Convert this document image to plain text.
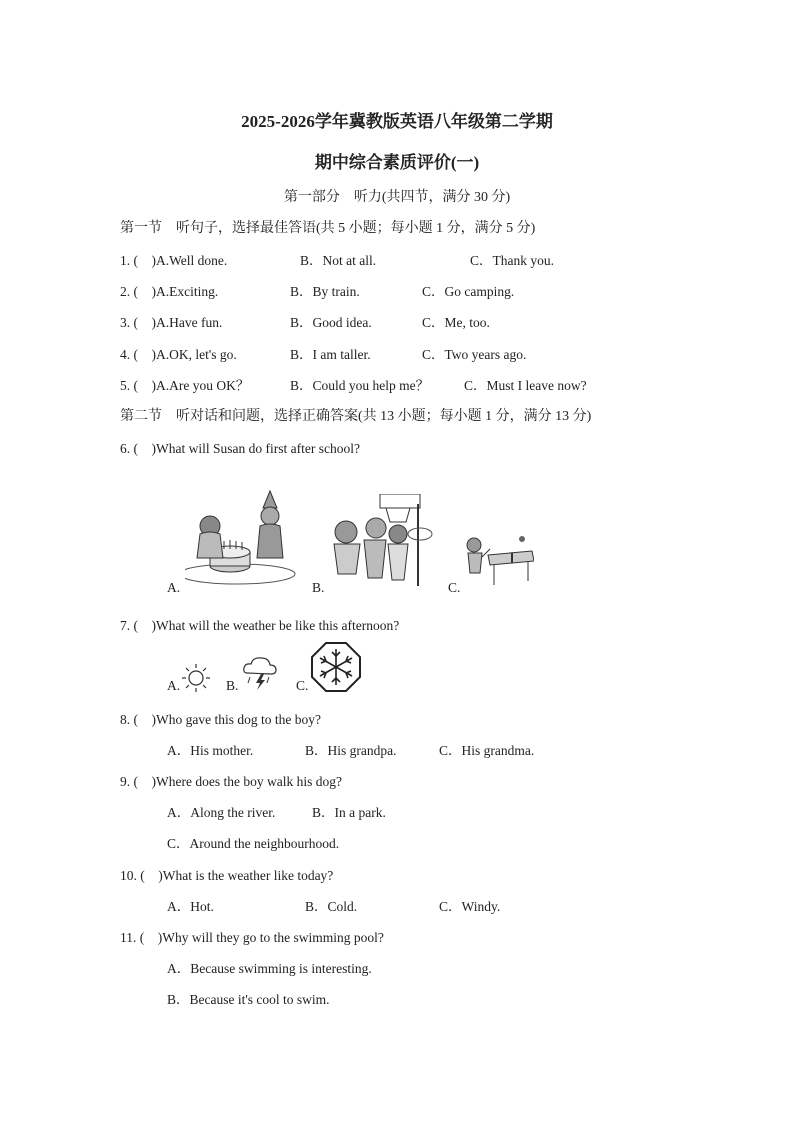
2025-2026学年冀教版英语八年级第二学期
期中综合素质评价(一)
第一部分　听力(共四节，满分 30 分)
第一节　听句子，选择最佳答语(共 5 小题；每小题 1 分，满分 5 分)
1. (　)A.Well done.	B．Not at all.	C．Thank you.
2. (　)A.Exciting.	B．By train.	C．Go camping.
3. (　)A.Have fun.	B．Good idea.	C．Me, too.
4. (　)A.OK, let's go.	B．I am taller.	C．Two years ago.
5. (　)A.Are you OK？	B．Could you help me？	C．Must I leave now?
第二节　听对话和问题，选择正确答案(共 13 小题；每小题 1 分，满分 13 分)
6. (　)What will Susan do first after school?
A.	B.	C.
7. (　)What will the weather be like this afternoon?
A.	B.	C.
8. (　)Who gave this dog to the boy?
A．His mother.	B．His grandpa.	C．His grandma.
9. (　)Where does the boy walk his dog?
A．Along the river.	B．In a park.
C．Around the neighbourhood.
10. (　)What is the weather like today?
A．Hot.	B．Cold.	C．Windy.
11. (　)Why will they go to the swimming pool?
A．Because swimming is interesting.
B．Because it's cool to swim.
